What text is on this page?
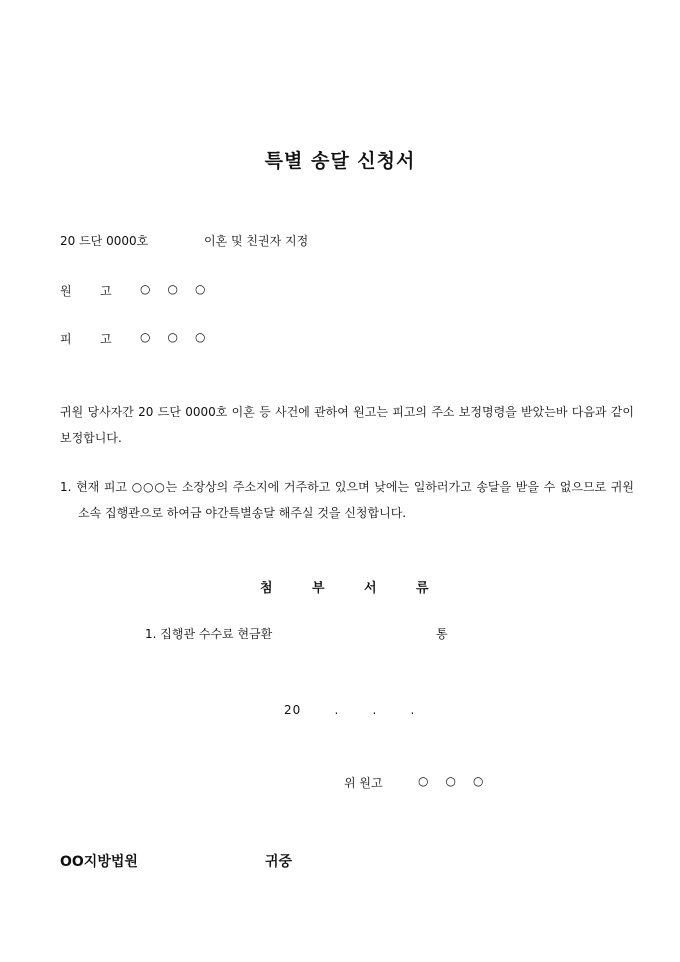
특별 송달 신청서
20 드단 0000호	이혼 및 친권자 지정
원 고 ○○○
피 고 ○○○
귀원 당사자간 20 드단 0000호 이혼 등 사건에 관하여 원고는 피고의 주소 보정명령을 받았는바 다음과 같이 보정합니다.
1. 현재 피고 ○○○는 소장상의 주소지에 거주하고 있으며 낮에는 일하러가고 송달을 받을 수 없으므로 귀원 소속 집행관으로 하여금 야간특별송달 해주실 것을 신청합니다.
첨	부	서	류
1. 집행관 수수료 현금환	통
20	.	.	.
위 원고	○○○
OO지방법원	귀중
